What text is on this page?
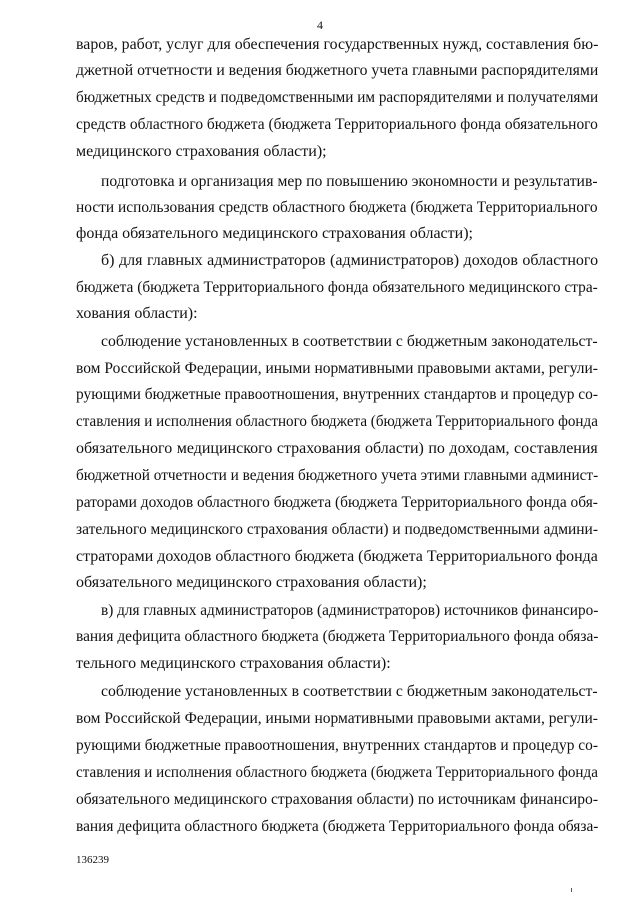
4
варов, работ, услуг для обеспечения государственных нужд, составления бю-
джетной отчетности и ведения бюджетного учета главными распорядителями
бюджетных средств и подведомственными им распорядителями и получателями
средств областного бюджета (бюджета Территориального фонда обязательного
медицинского страхования области);
подготовка и организация мер по повышению экономности и результатив-
ности использования средств областного бюджета (бюджета Территориального
фонда обязательного медицинского страхования области);
б) для главных администраторов (администраторов) доходов областного
бюджета (бюджета Территориального фонда обязательного медицинского стра-
хования области):
соблюдение установленных в соответствии с бюджетным законодательст-
вом Российской Федерации, иными нормативными правовыми актами, регули-
рующими бюджетные правоотношения, внутренних стандартов и процедур со-
ставления и исполнения областного бюджета (бюджета Территориального фонда
обязательного медицинского страхования области) по доходам, составления
бюджетной отчетности и ведения бюджетного учета этими главными админист-
раторами доходов областного бюджета (бюджета Территориального фонда обя-
зательного медицинского страхования области) и подведомственными админи-
страторами доходов областного бюджета (бюджета Территориального фонда
обязательного медицинского страхования области);
в) для главных администраторов (администраторов) источников финансиро-
вания дефицита областного бюджета (бюджета Территориального фонда обяза-
тельного медицинского страхования области):
соблюдение установленных в соответствии с бюджетным законодательст-
вом Российской Федерации, иными нормативными правовыми актами, регули-
рующими бюджетные правоотношения, внутренних стандартов и процедур со-
ставления и исполнения областного бюджета (бюджета Территориального фонда
обязательного медицинского страхования области) по источникам финансиро-
вания дефицита областного бюджета (бюджета Территориального фонда обяза-
136239
